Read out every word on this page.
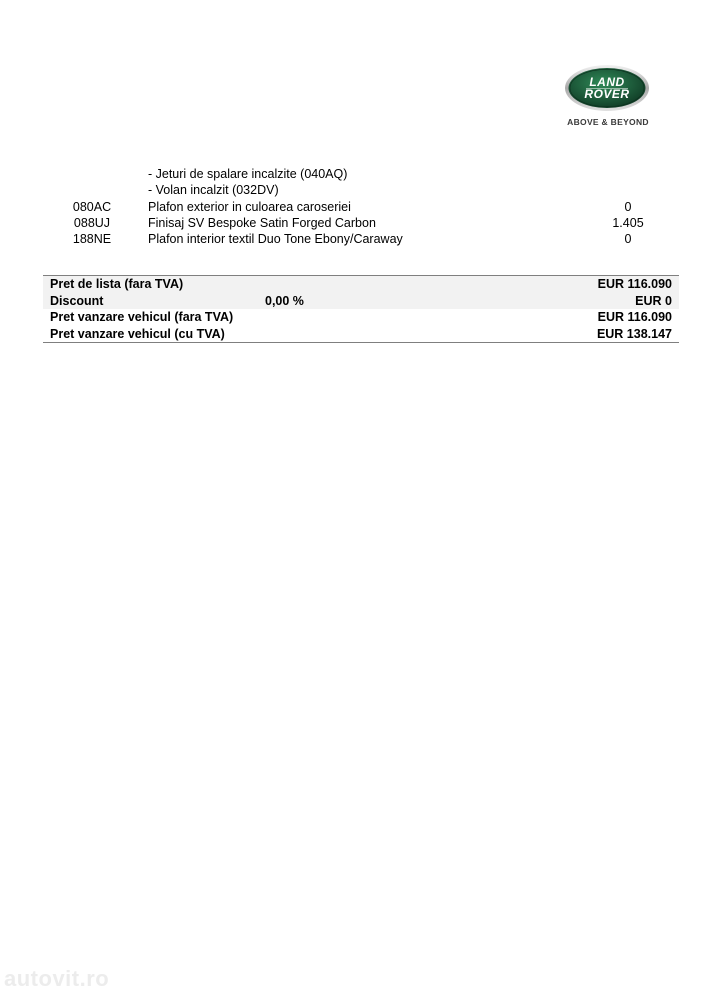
LAND
ROVER
ABOVE & BEYOND
- Jeturi de spalare incalzite (040AQ)
- Volan incalzit (032DV)
080AC	Plafon exterior in culoarea caroseriei	0
088UJ	Finisaj SV Bespoke Satin Forged Carbon	1.405
188NE	Plafon interior textil Duo Tone Ebony/Caraway	0
Pret de lista (fara TVA)	EUR 116.090
Discount	0,00 %	EUR 0
Pret vanzare vehicul (fara TVA)	EUR 116.090
Pret vanzare vehicul (cu TVA)	EUR 138.147
autovit.ro
